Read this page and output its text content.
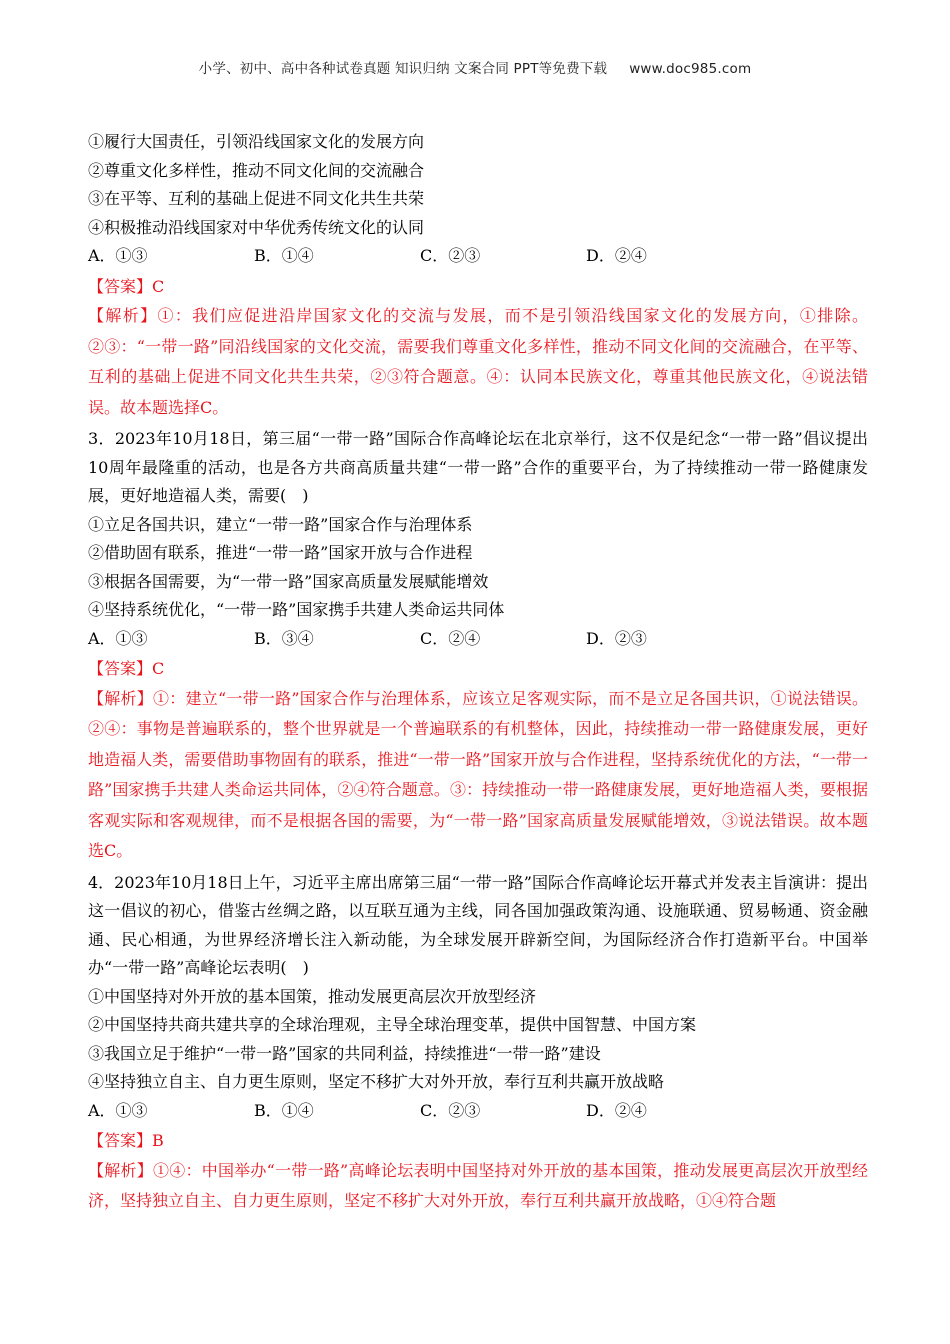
小学、初中、高中各种试卷真题 知识归纳 文案合同 PPT等免费下载 www.doc985.com
①履行大国责任，引领沿线国家文化的发展方向
②尊重文化多样性，推动不同文化间的交流融合
③在平等、互利的基础上促进不同文化共生共荣
④积极推动沿线国家对中华优秀传统文化的认同
A．①③	B．①④	C．②③	D．②④
【答案】C
【解析】①：我们应促进沿岸国家文化的交流与发展，而不是引领沿线国家文化的发展方向，①排除。 ②③：“一带一路”同沿线国家的文化交流，需要我们尊重文化多样性，推动不同文化间的交流融合，在平等、互利的基础上促进不同文化共生共荣，②③符合题意。④：认同本民族文化，尊重其他民族文化，④说法错误。故本题选择C。
3．2023年10月18日，第三届“一带一路”国际合作高峰论坛在北京举行，这不仅是纪念“一带一路”倡议提出10周年最隆重的活动，也是各方共商高质量共建“一带一路”合作的重要平台，为了持续推动一带一路健康发展，更好地造福人类，需要(　)
①立足各国共识，建立“一带一路”国家合作与治理体系
②借助固有联系，推进“一带一路”国家开放与合作进程
③根据各国需要，为“一带一路”国家高质量发展赋能增效
④坚持系统优化，“一带一路”国家携手共建人类命运共同体
A．①③	B．③④	C．②④	D．②③
【答案】C
【解析】①：建立“一带一路”国家合作与治理体系，应该立足客观实际，而不是立足各国共识，①说法错误。②④：事物是普遍联系的，整个世界就是一个普遍联系的有机整体，因此，持续推动一带一路健康发展，更好地造福人类，需要借助事物固有的联系，推进“一带一路”国家开放与合作进程，坚持系统优化的方法，“一带一路”国家携手共建人类命运共同体，②④符合题意。③：持续推动一带一路健康发展，更好地造福人类，要根据客观实际和客观规律，而不是根据各国的需要，为“一带一路”国家高质量发展赋能增效，③说法错误。故本题选C。
4．2023年10月18日上午，习近平主席出席第三届“一带一路”国际合作高峰论坛开幕式并发表主旨演讲：提出这一倡议的初心，借鉴古丝绸之路，以互联互通为主线，同各国加强政策沟通、设施联通、贸易畅通、资金融通、民心相通，为世界经济增长注入新动能，为全球发展开辟新空间，为国际经济合作打造新平台。中国举办“一带一路”高峰论坛表明(　)
①中国坚持对外开放的基本国策，推动发展更高层次开放型经济
②中国坚持共商共建共享的全球治理观，主导全球治理变革，提供中国智慧、中国方案
③我国立足于维护“一带一路”国家的共同利益，持续推进“一带一路”建设
④坚持独立自主、自力更生原则，坚定不移扩大对外开放，奉行互利共赢开放战略
A．①③	B．①④	C．②③	D．②④
【答案】B
【解析】①④：中国举办“一带一路”高峰论坛表明中国坚持对外开放的基本国策，推动发展更高层次开放型经济，坚持独立自主、自力更生原则，坚定不移扩大对外开放，奉行互利共赢开放战略，①④符合题
